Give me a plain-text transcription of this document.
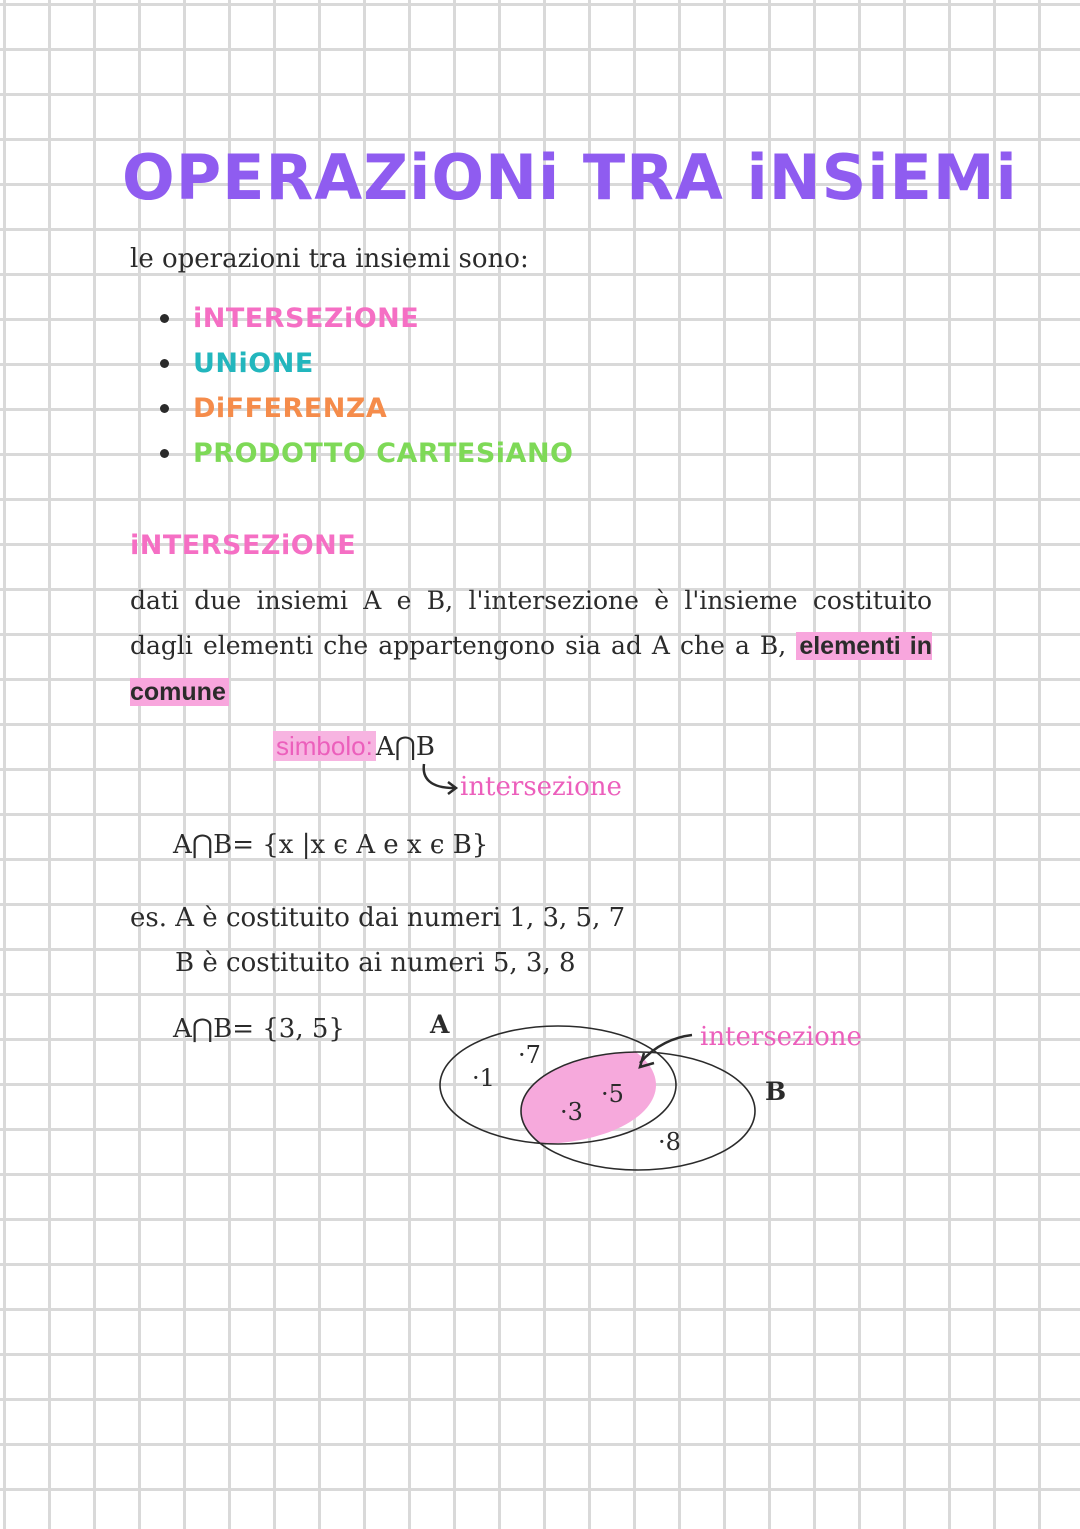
OPERAZiONi TRA iNSiEMi
le operazioni tra insiemi sono:
iNTERSEZiONE
UNiONE
DiFFERENZA
PRODOTTO CARTESiANO
iNTERSEZiONE
dati due insiemi A e B, l'intersezione è l'insieme costituito dagli elementi che appartengono sia ad A che a B, elementi in comune
simbolo: A⋂B
intersezione
A⋂B= {x |x є A e x є B}
es. A è costituito dai numeri 1, 3, 5, 7
B è costituito ai numeri 5, 3, 8
A⋂B= {3, 5}	A
B
·1
·7
·3
·5
·8
intersezione
